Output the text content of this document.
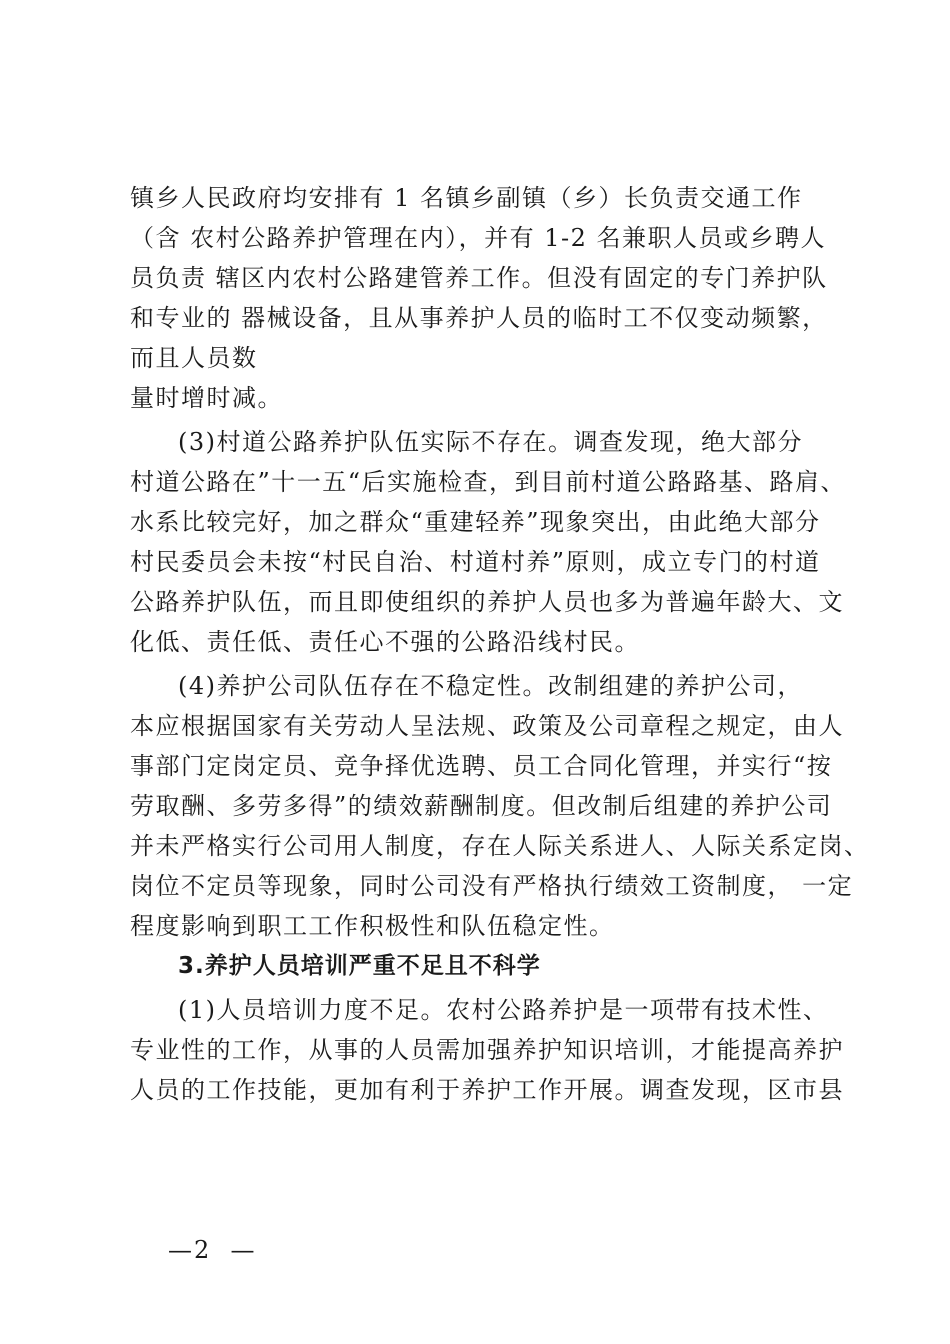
镇乡人民政府均安排有 1 名镇乡副镇（乡）长负责交通工作
（含 农村公路养护管理在内），并有 1-2 名兼职人员或乡聘人
员负责 辖区内农村公路建管养工作。但没有固定的专门养护队
和专业的 器械设备，且从事养护人员的临时工不仅变动频繁，
而且人员数
量时增时减。

(3)村道公路养护队伍实际不存在。调查发现，绝大部分
村道公路在”十一五“后实施检查，到目前村道公路路基、路肩、
水系比较完好，加之群众“重建轻养”现象突出，由此绝大部分
村民委员会未按“村民自治、村道村养”原则，成立专门的村道
公路养护队伍，而且即使组织的养护人员也多为普遍年龄大、文
化低、责任低、责任心不强的公路沿线村民。

(4)养护公司队伍存在不稳定性。改制组建的养护公司，
本应根据国家有关劳动人呈法规、政策及公司章程之规定，由人
事部门定岗定员、竞争择优选聘、员工合同化管理，并实行“按
劳取酬、多劳多得”的绩效薪酬制度。但改制后组建的养护公司
并未严格实行公司用人制度，存在人际关系进人、人际关系定岗、
岗位不定员等现象，同时公司没有严格执行绩效工资制度， 一定
程度影响到职工工作积极性和队伍稳定性。

3.养护人员培训严重不足且不科学

(1)人员培训力度不足。农村公路养护是一项带有技术性、
专业性的工作，从事的人员需加强养护知识培训，才能提高养护
人员的工作技能，更加有利于养护工作开展。调查发现，区市县

—2  —
